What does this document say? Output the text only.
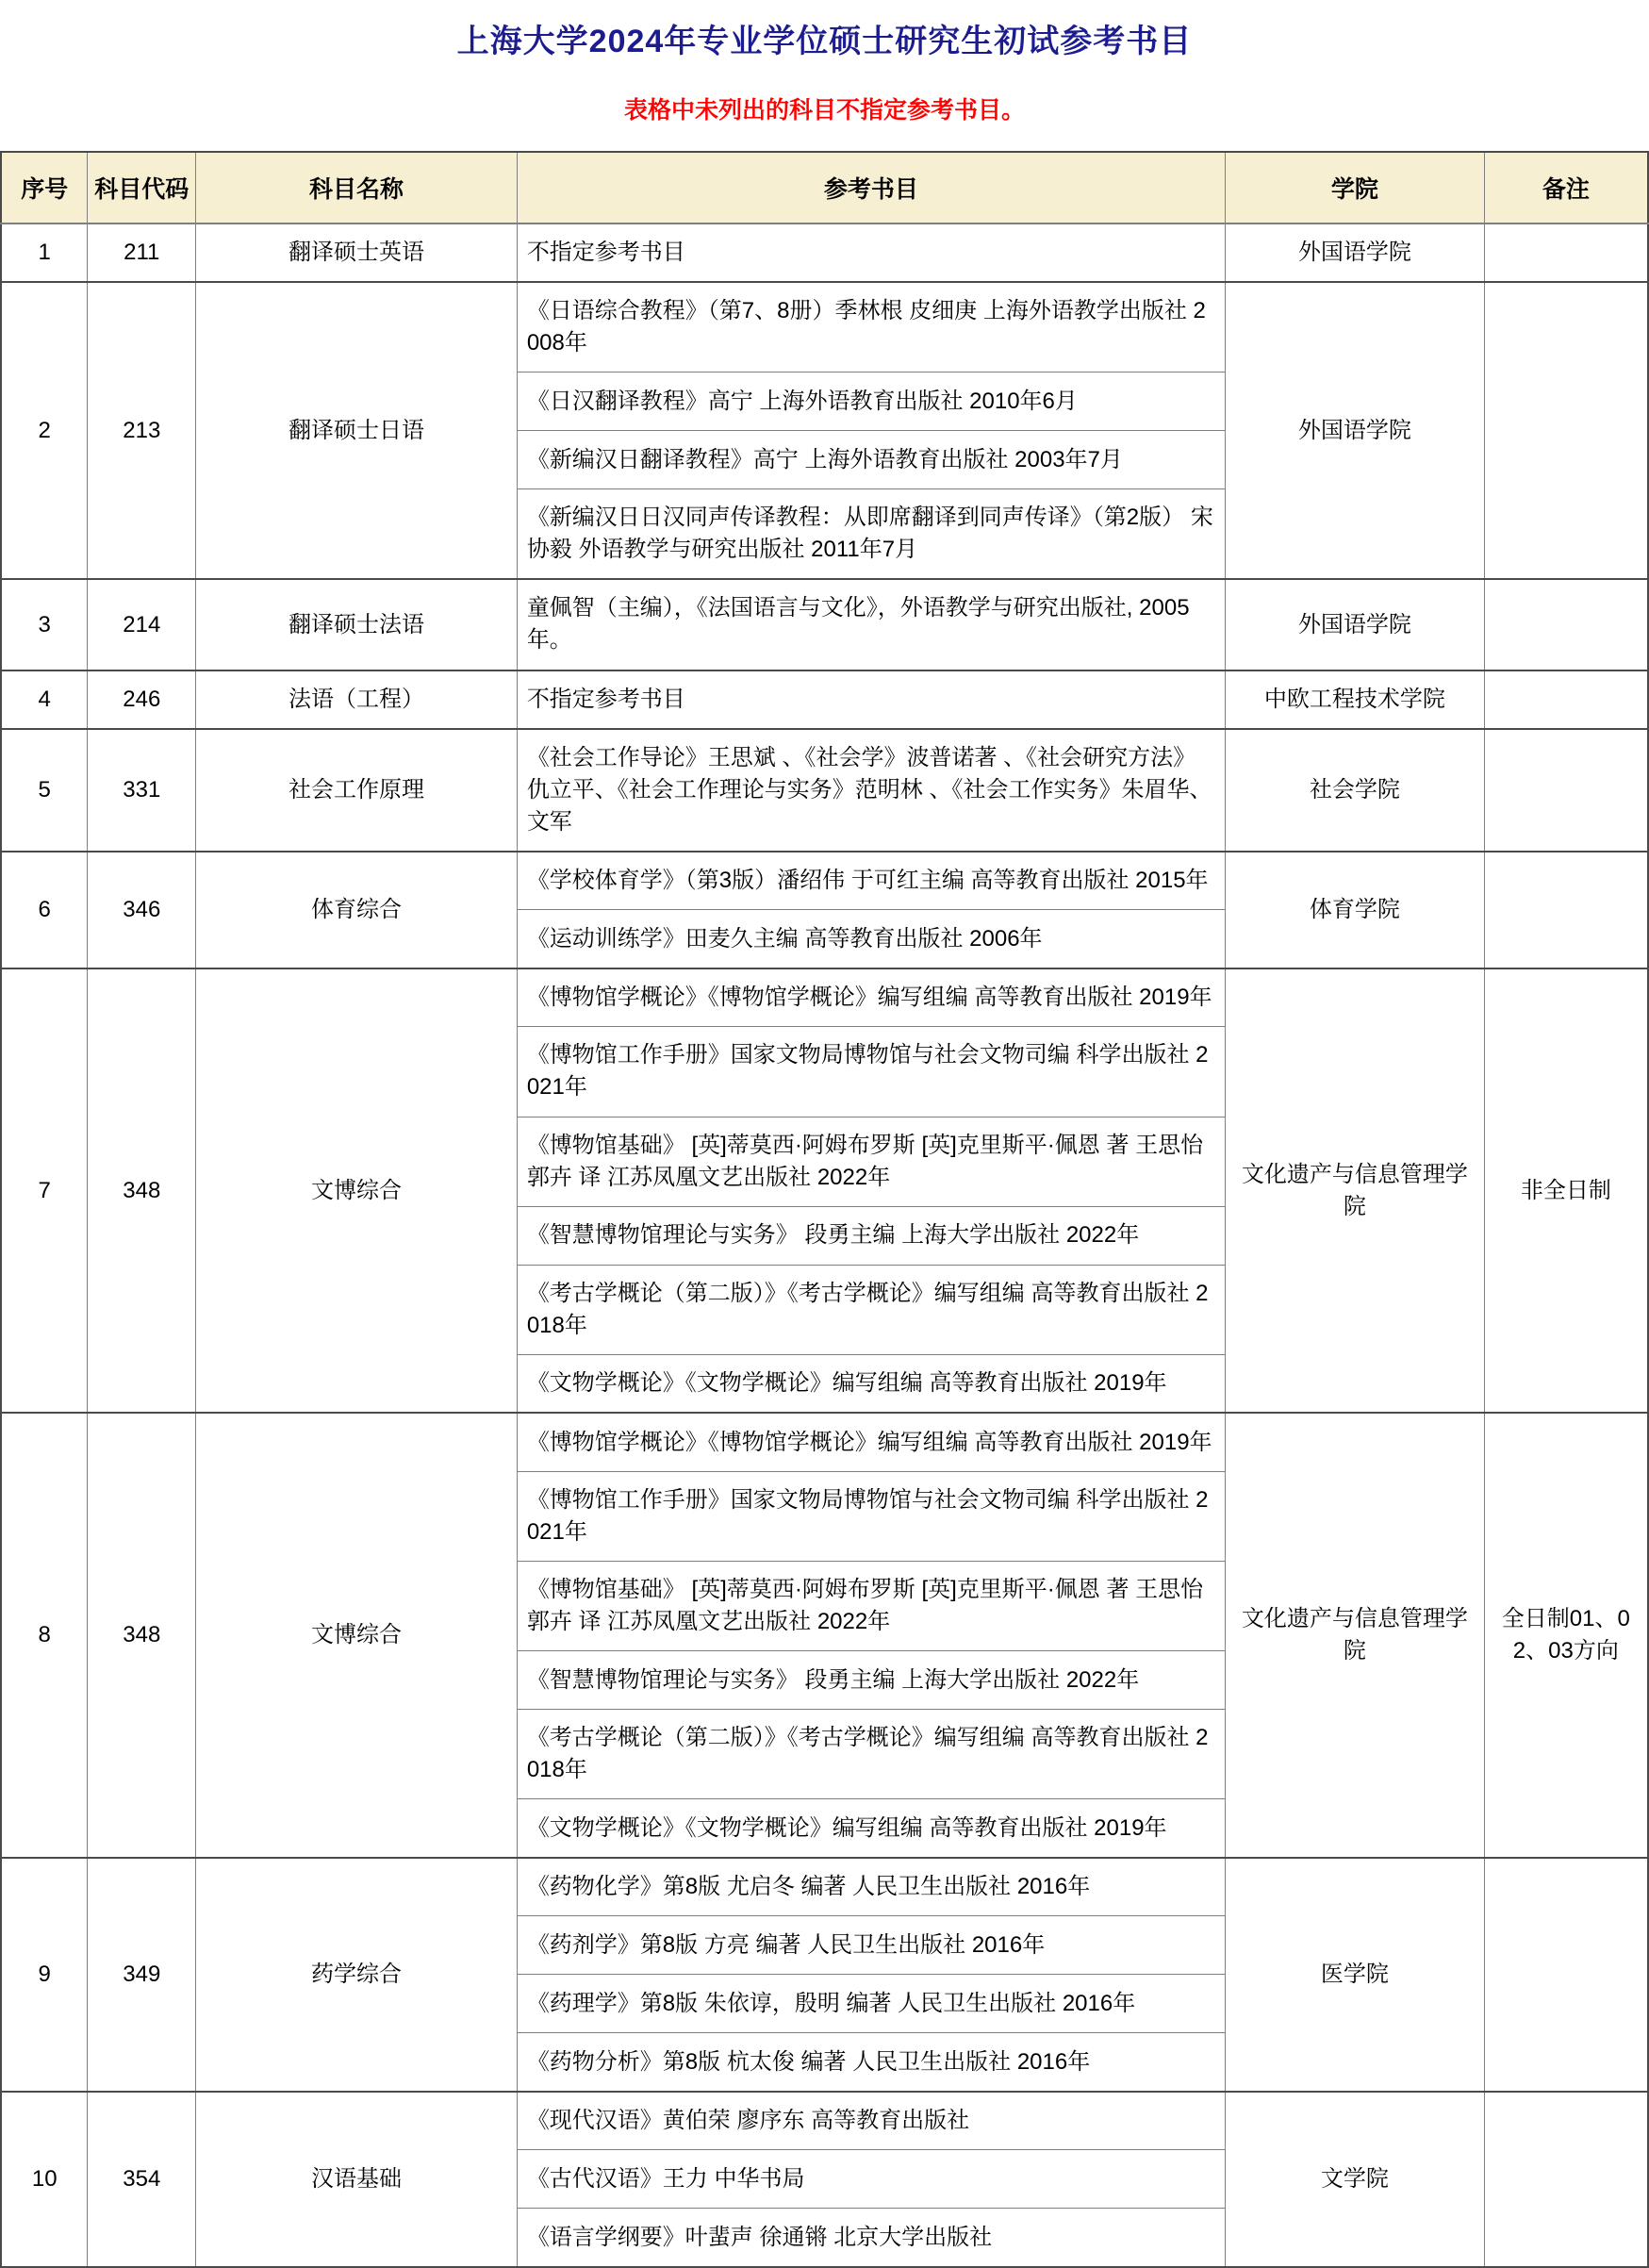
上海大学2024年专业学位硕士研究生初试参考书目
表格中未列出的科目不指定参考书目。
序号	科目代码	科目名称	参考书目	学院	备注
1	211	翻译硕士英语	不指定参考书目	外国语学院	
2	213	翻译硕士日语	《日语综合教程》（第7、8册）季林根 皮细庚 上海外语教学出版社 2008年	外国语学院	
			《日汉翻译教程》高宁 上海外语教育出版社 2010年6月		
			《新编汉日翻译教程》高宁 上海外语教育出版社 2003年7月		
			《新编汉日日汉同声传译教程：从即席翻译到同声传译》（第2版） 宋 协毅 外语教学与研究出版社 2011年7月		
3	214	翻译硕士法语	童佩智（主编），《法国语言与文化》，外语教学与研究出版社, 2005年。	外国语学院	
4	246	法语（工程）	不指定参考书目	中欧工程技术学院	
5	331	社会工作原理	《社会工作导论》王思斌 、《社会学》波普诺著 、《社会研究方法》仇立平、《社会工作理论与实务》范明林 、《社会工作实务》朱眉华、文军	社会学院	
6	346	体育综合	《学校体育学》（第3版）潘绍伟 于可红主编 高等教育出版社 2015年	体育学院	
			《运动训练学》田麦久主编 高等教育出版社 2006年		
7	348	文博综合	《博物馆学概论》《博物馆学概论》编写组编 高等教育出版社 2019年	文化遗产与信息管理学院	非全日制
			《博物馆工作手册》国家文物局博物馆与社会文物司编 科学出版社 2021年		
			《博物馆基础》 [英]蒂莫西·阿姆布罗斯 [英]克里斯平·佩恩 著 王思怡 郭卉 译 江苏凤凰文艺出版社 2022年		
			《智慧博物馆理论与实务》 段勇主编 上海大学出版社 2022年		
			《考古学概论（第二版）》《考古学概论》编写组编 高等教育出版社 2018年		
			《文物学概论》《文物学概论》编写组编 高等教育出版社 2019年		
8	348	文博综合	《博物馆学概论》《博物馆学概论》编写组编 高等教育出版社 2019年	文化遗产与信息管理学院	全日制01、02、03方向
			《博物馆工作手册》国家文物局博物馆与社会文物司编 科学出版社 2021年		
			《博物馆基础》 [英]蒂莫西·阿姆布罗斯 [英]克里斯平·佩恩 著 王思怡 郭卉 译 江苏凤凰文艺出版社 2022年		
			《智慧博物馆理论与实务》 段勇主编 上海大学出版社 2022年		
			《考古学概论（第二版）》《考古学概论》编写组编 高等教育出版社 2018年		
			《文物学概论》《文物学概论》编写组编 高等教育出版社 2019年		
9	349	药学综合	《药物化学》第8版 尤启冬 编著 人民卫生出版社 2016年	医学院	
			《药剂学》第8版 方亮 编著 人民卫生出版社 2016年		
			《药理学》第8版 朱依谆，殷明 编著 人民卫生出版社 2016年		
			《药物分析》第8版 杭太俊 编著 人民卫生出版社 2016年		
10	354	汉语基础	《现代汉语》黄伯荣 廖序东 高等教育出版社	文学院	
			《古代汉语》王力 中华书局		
			《语言学纲要》叶蜚声 徐通锵 北京大学出版社		
